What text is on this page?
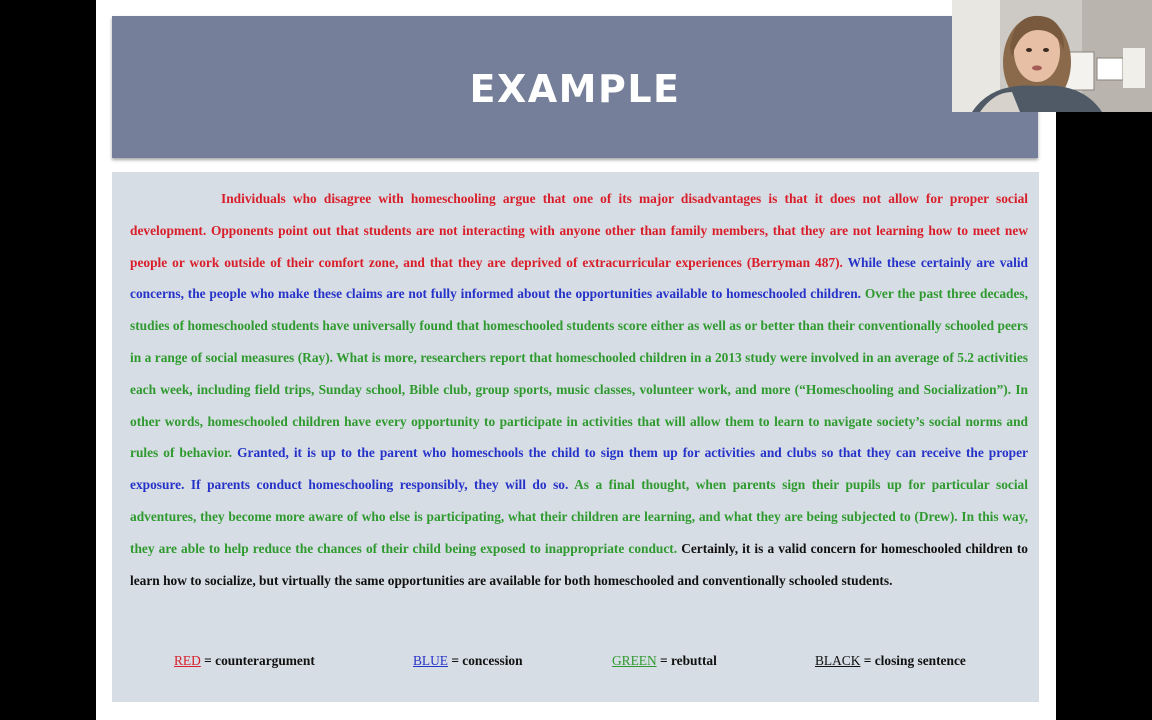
EXAMPLE

Individuals who disagree with homeschooling argue that one of its major disadvantages is that it does not allow for proper social development. Opponents point out that students are not interacting with anyone other than family members, that they are not learning how to meet new people or work outside of their comfort zone, and that they are deprived of extracurricular experiences (Berryman 487). While these certainly are valid concerns, the people who make these claims are not fully informed about the opportunities available to homeschooled children. Over the past three decades, studies of homeschooled students have universally found that homeschooled students score either as well as or better than their conventionally schooled peers in a range of social measures (Ray). What is more, researchers report that homeschooled children in a 2013 study were involved in an average of 5.2 activities each week, including field trips, Sunday school, Bible club, group sports, music classes, volunteer work, and more (“Homeschooling and Socialization”). In other words, homeschooled children have every opportunity to participate in activities that will allow them to learn to navigate society’s social norms and rules of behavior. Granted, it is up to the parent who homeschools the child to sign them up for activities and clubs so that they can receive the proper exposure. If parents conduct homeschooling responsibly, they will do so. As a final thought, when parents sign their pupils up for particular social adventures, they become more aware of who else is participating, what their children are learning, and what they are being subjected to (Drew). In this way, they are able to help reduce the chances of their child being exposed to inappropriate conduct. Certainly, it is a valid concern for homeschooled children to learn how to socialize, but virtually the same opportunities are available for both homeschooled and conventionally schooled students.

RED = counterargument	BLUE = concession	GREEN = rebuttal	BLACK = closing sentence
